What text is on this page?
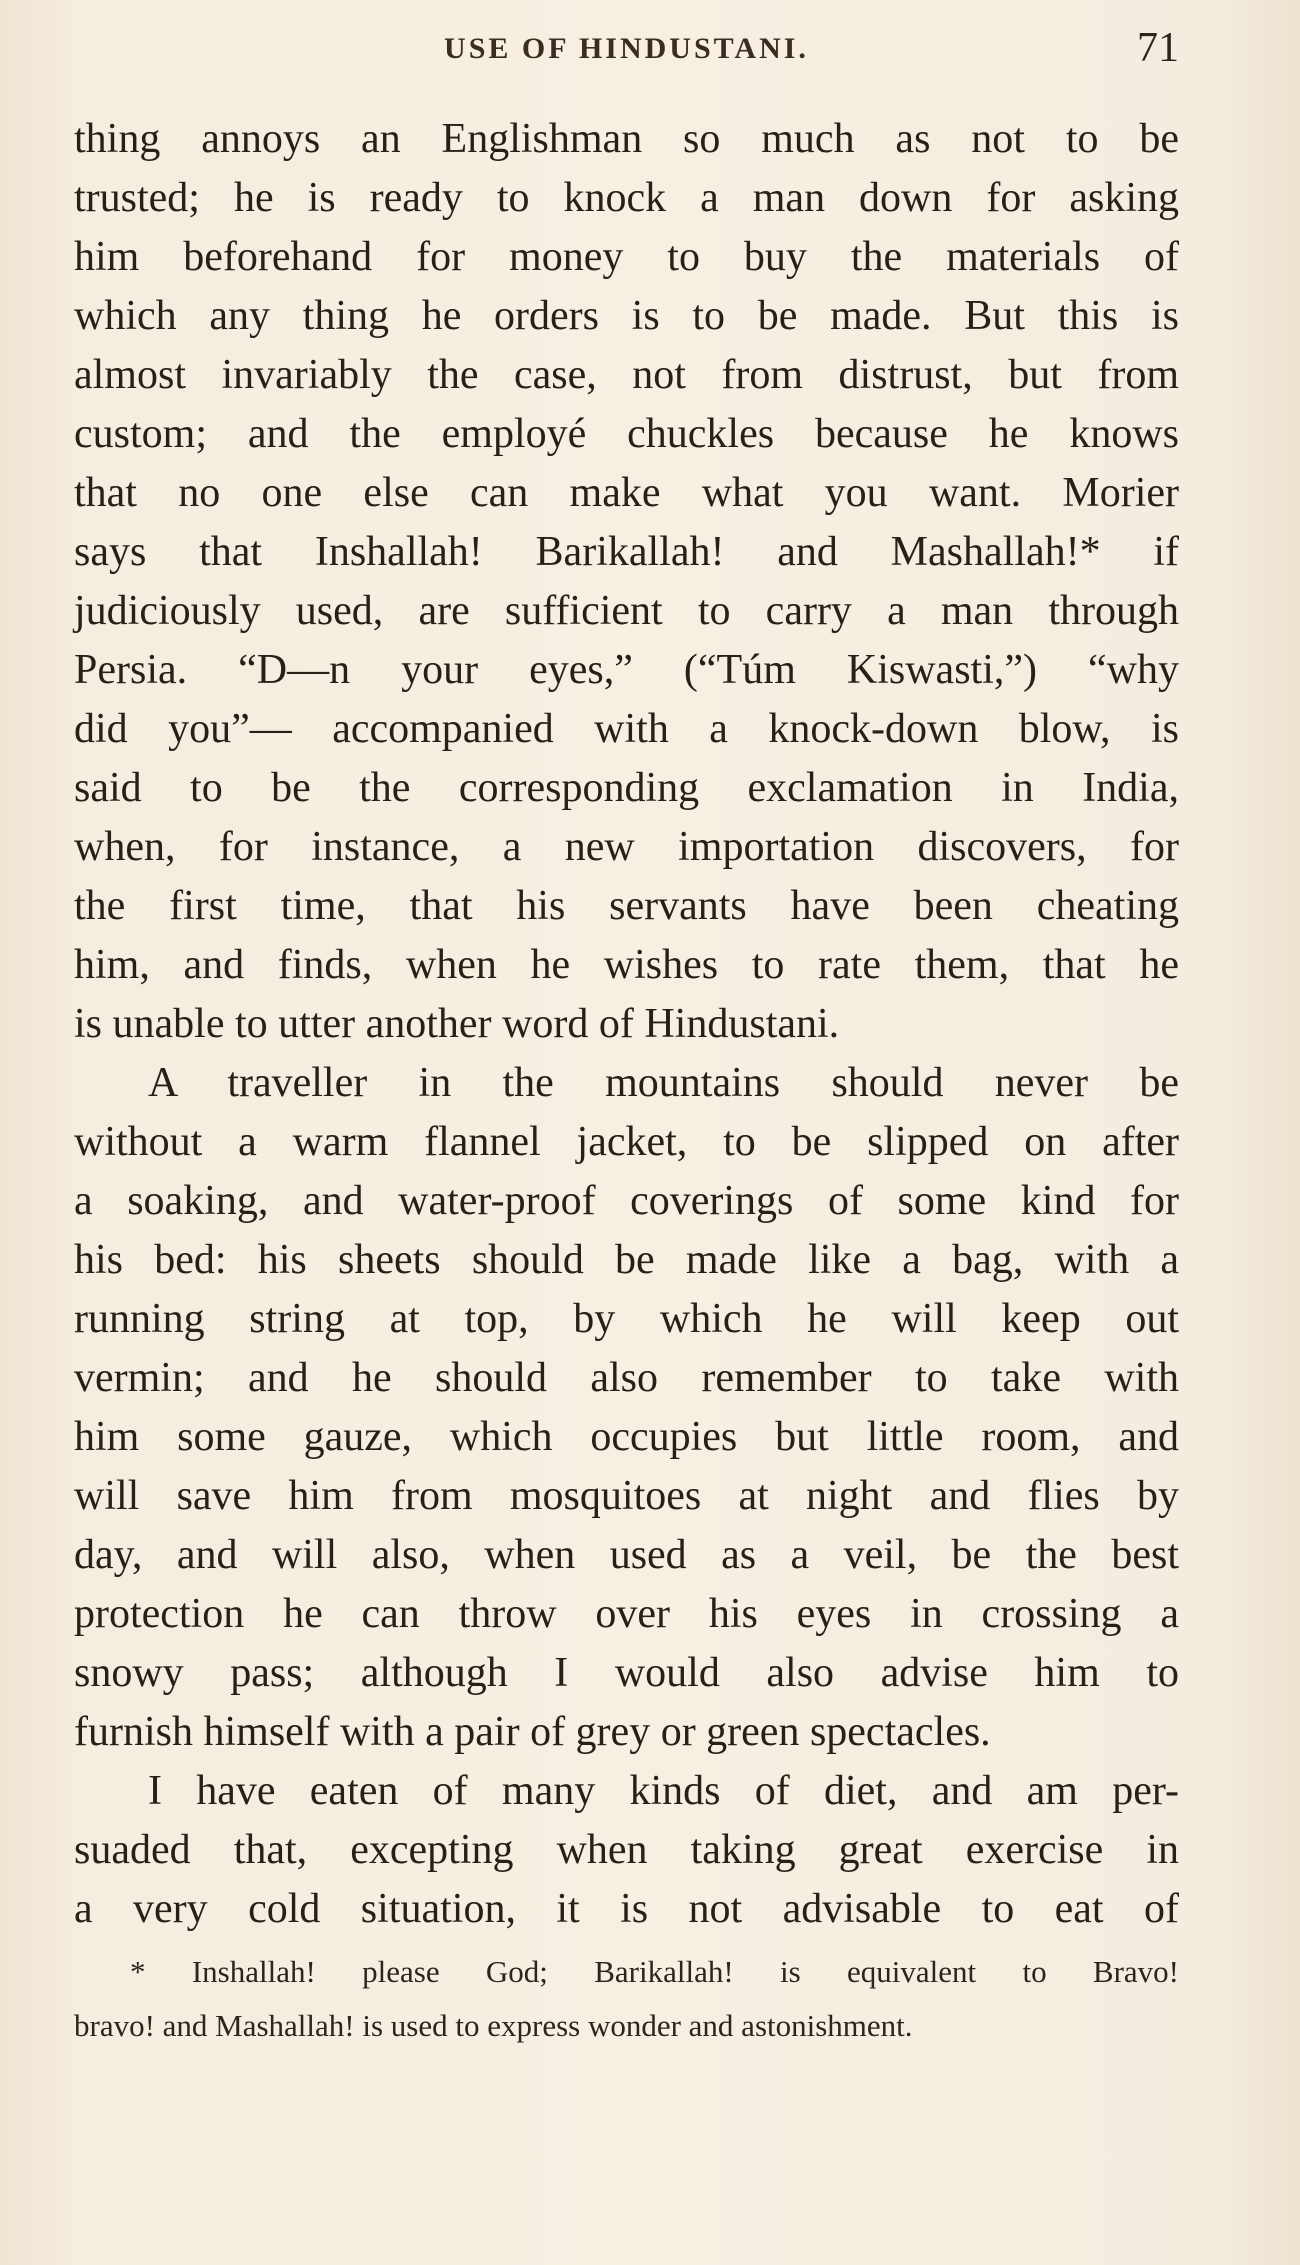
USE OF HINDUSTANI.	71
thing annoys an Englishman so much as not to be
trusted; he is ready to knock a man down for asking
him beforehand for money to buy the materials of
which any thing he orders is to be made. But this is
almost invariably the case, not from distrust, but from
custom; and the employé chuckles because he knows
that no one else can make what you want. Morier
says that Inshallah! Barikallah! and Mashallah!* if
judiciously used, are sufficient to carry a man through
Persia. “D—n your eyes,” (“Túm Kiswasti,”) “why
did you”— accompanied with a knock-down blow, is
said to be the corresponding exclamation in India,
when, for instance, a new importation discovers, for
the first time, that his servants have been cheating
him, and finds, when he wishes to rate them, that he
is unable to utter another word of Hindustani.
A traveller in the mountains should never be
without a warm flannel jacket, to be slipped on after
a soaking, and water-proof coverings of some kind for
his bed: his sheets should be made like a bag, with a
running string at top, by which he will keep out
vermin; and he should also remember to take with
him some gauze, which occupies but little room, and
will save him from mosquitoes at night and flies by
day, and will also, when used as a veil, be the best
protection he can throw over his eyes in crossing a
snowy pass; although I would also advise him to
furnish himself with a pair of grey or green spectacles.
I have eaten of many kinds of diet, and am per-
suaded that, excepting when taking great exercise in
a very cold situation, it is not advisable to eat of
* Inshallah! please God; Barikallah! is equivalent to Bravo!
bravo! and Mashallah! is used to express wonder and astonishment.
